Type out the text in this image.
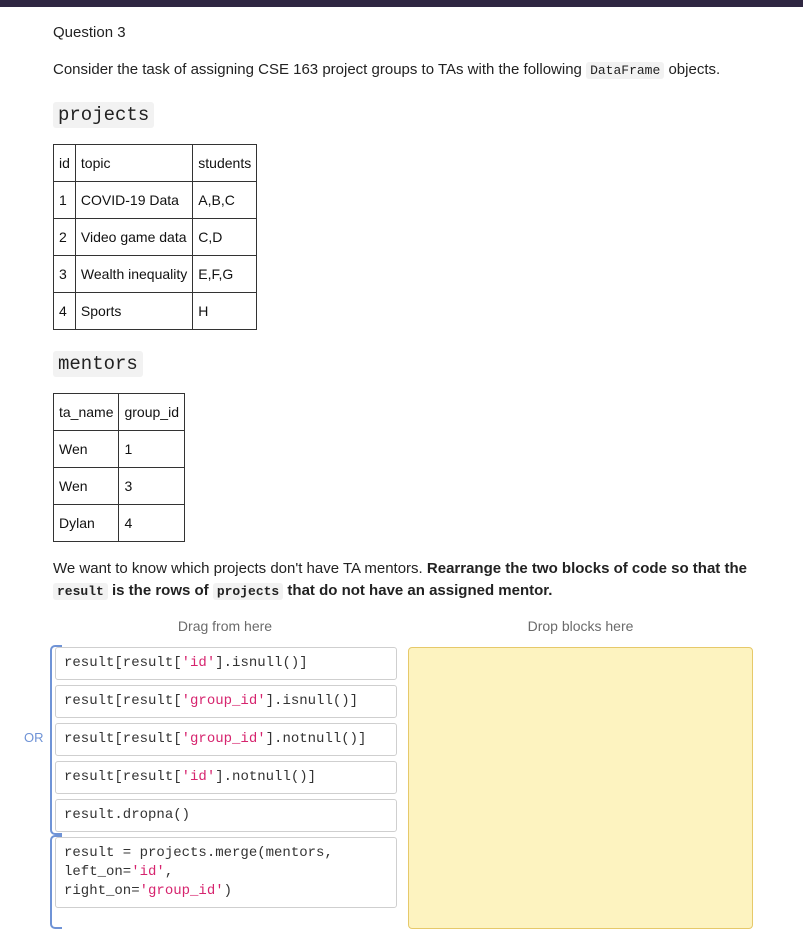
Question 3

Consider the task of assigning CSE 163 project groups to TAs with the following DataFrame objects.

projects
id	topic	students
1	COVID-19 Data	A,B,C
2	Video game data	C,D
3	Wealth inequality	E,F,G
4	Sports	H
mentors
ta_name	group_id
Wen	1
Wen	3
Dylan	4

We want to know which projects don't have TA mentors. Rearrange the two blocks of code so that the result is the rows of projects that do not have an assigned mentor.

Drag from here	Drop blocks here
OR
result[result['id'].isnull()]
result[result['group_id'].isnull()]
result[result['group_id'].notnull()]
result[result['id'].notnull()]
result.dropna()
result = projects.merge(mentors,
left_on='id',
right_on='group_id')
